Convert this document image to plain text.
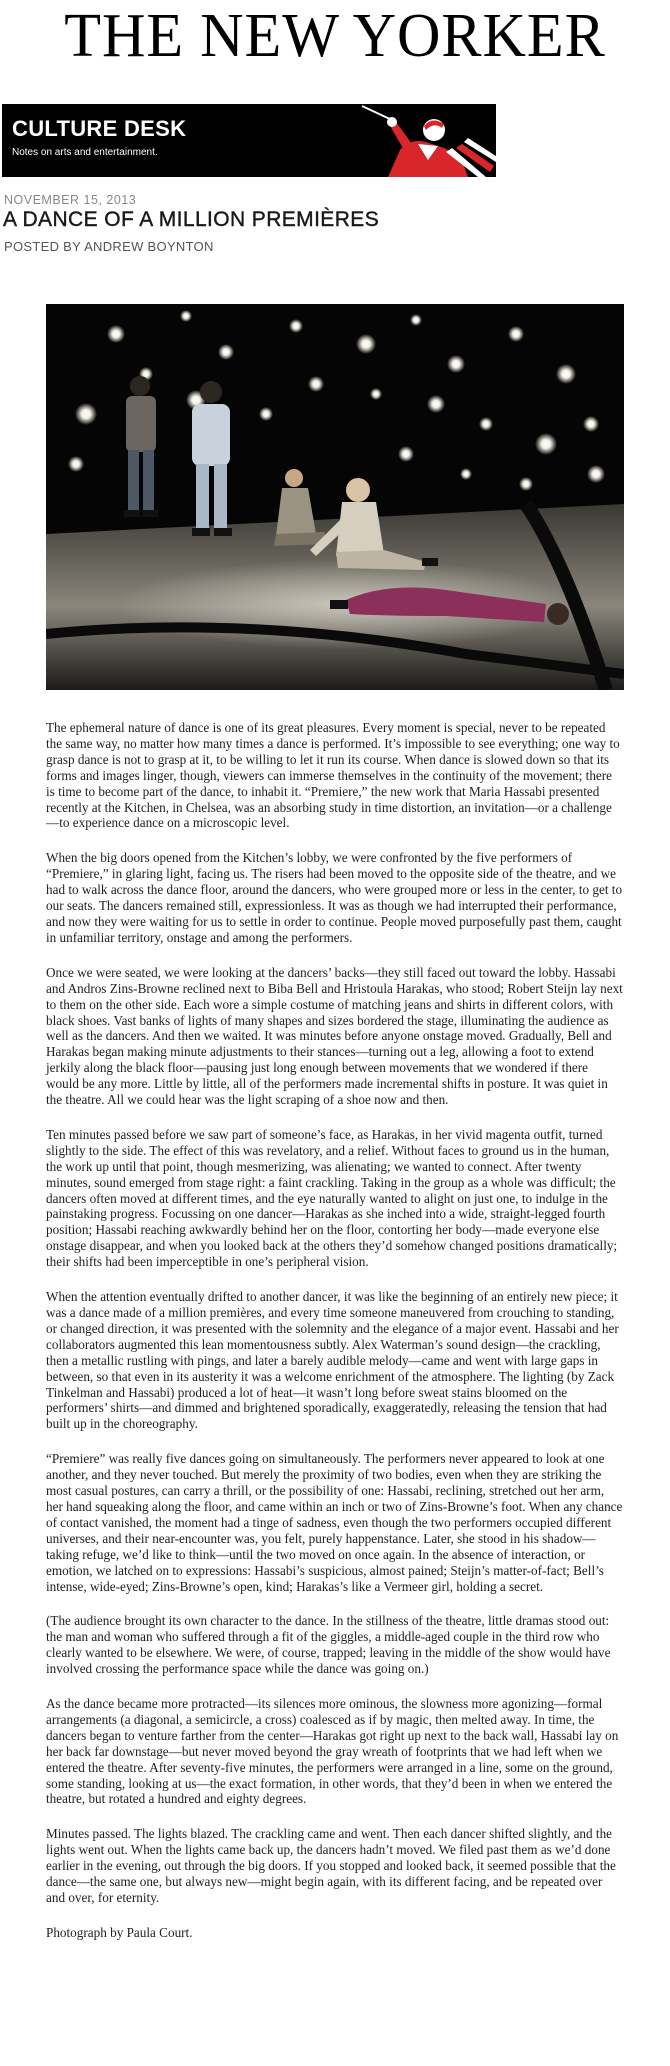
THE NEW YORKER
CULTURE DESK
Notes on arts and entertainment.
NOVEMBER 15, 2013
A DANCE OF A MILLION PREMIÈRES
POSTED BY ANDREW BOYNTON

The ephemeral nature of dance is one of its great pleasures. Every moment is special, never to be repeated the same way, no matter how many times a dance is performed. It’s impossible to see everything; one way to grasp dance is not to grasp at it, to be willing to let it run its course. When dance is slowed down so that its forms and images linger, though, viewers can immerse themselves in the continuity of the movement; there is time to become part of the dance, to inhabit it. “Premiere,” the new work that Maria Hassabi presented recently at the Kitchen, in Chelsea, was an absorbing study in time distortion, an invitation—or a challenge—to experience dance on a microscopic level.

When the big doors opened from the Kitchen’s lobby, we were confronted by the five performers of “Premiere,” in glaring light, facing us. The risers had been moved to the opposite side of the theatre, and we had to walk across the dance floor, around the dancers, who were grouped more or less in the center, to get to our seats. The dancers remained still, expressionless. It was as though we had interrupted their performance, and now they were waiting for us to settle in order to continue. People moved purposefully past them, caught in unfamiliar territory, onstage and among the performers.

Once we were seated, we were looking at the dancers’ backs—they still faced out toward the lobby. Hassabi and Andros Zins-Browne reclined next to Biba Bell and Hristoula Harakas, who stood; Robert Steijn lay next to them on the other side. Each wore a simple costume of matching jeans and shirts in different colors, with black shoes. Vast banks of lights of many shapes and sizes bordered the stage, illuminating the audience as well as the dancers. And then we waited. It was minutes before anyone onstage moved. Gradually, Bell and Harakas began making minute adjustments to their stances—turning out a leg, allowing a foot to extend jerkily along the black floor—pausing just long enough between movements that we wondered if there would be any more. Little by little, all of the performers made incremental shifts in posture. It was quiet in the theatre. All we could hear was the light scraping of a shoe now and then.

Ten minutes passed before we saw part of someone’s face, as Harakas, in her vivid magenta outfit, turned slightly to the side. The effect of this was revelatory, and a relief. Without faces to ground us in the human, the work up until that point, though mesmerizing, was alienating; we wanted to connect. After twenty minutes, sound emerged from stage right: a faint crackling. Taking in the group as a whole was difficult; the dancers often moved at different times, and the eye naturally wanted to alight on just one, to indulge in the painstaking progress. Focussing on one dancer—Harakas as she inched into a wide, straight-legged fourth position; Hassabi reaching awkwardly behind her on the floor, contorting her body—made everyone else onstage disappear, and when you looked back at the others they’d somehow changed positions dramatically; their shifts had been imperceptible in one’s peripheral vision.

When the attention eventually drifted to another dancer, it was like the beginning of an entirely new piece; it was a dance made of a million premières, and every time someone maneuvered from crouching to standing, or changed direction, it was presented with the solemnity and the elegance of a major event. Hassabi and her collaborators augmented this lean momentousness subtly. Alex Waterman’s sound design—the crackling, then a metallic rustling with pings, and later a barely audible melody—came and went with large gaps in between, so that even in its austerity it was a welcome enrichment of the atmosphere. The lighting (by Zack Tinkelman and Hassabi) produced a lot of heat—it wasn’t long before sweat stains bloomed on the performers’ shirts—and dimmed and brightened sporadically, exaggeratedly, releasing the tension that had built up in the choreography.

“Premiere” was really five dances going on simultaneously. The performers never appeared to look at one another, and they never touched. But merely the proximity of two bodies, even when they are striking the most casual postures, can carry a thrill, or the possibility of one: Hassabi, reclining, stretched out her arm, her hand squeaking along the floor, and came within an inch or two of Zins-Browne’s foot. When any chance of contact vanished, the moment had a tinge of sadness, even though the two performers occupied different universes, and their near-encounter was, you felt, purely happenstance. Later, she stood in his shadow—taking refuge, we’d like to think—until the two moved on once again. In the absence of interaction, or emotion, we latched on to expressions: Hassabi’s suspicious, almost pained; Steijn’s matter-of-fact; Bell’s intense, wide-eyed; Zins-Browne’s open, kind; Harakas’s like a Vermeer girl, holding a secret.

(The audience brought its own character to the dance. In the stillness of the theatre, little dramas stood out: the man and woman who suffered through a fit of the giggles, a middle-aged couple in the third row who clearly wanted to be elsewhere. We were, of course, trapped; leaving in the middle of the show would have involved crossing the performance space while the dance was going on.)

As the dance became more protracted—its silences more ominous, the slowness more agonizing—formal arrangements (a diagonal, a semicircle, a cross) coalesced as if by magic, then melted away. In time, the dancers began to venture farther from the center—Harakas got right up next to the back wall, Hassabi lay on her back far downstage—but never moved beyond the gray wreath of footprints that we had left when we entered the theatre. After seventy-five minutes, the performers were arranged in a line, some on the ground, some standing, looking at us—the exact formation, in other words, that they’d been in when we entered the theatre, but rotated a hundred and eighty degrees.

Minutes passed. The lights blazed. The crackling came and went. Then each dancer shifted slightly, and the lights went out. When the lights came back up, the dancers hadn’t moved. We filed past them as we’d done earlier in the evening, out through the big doors. If you stopped and looked back, it seemed possible that the dance—the same one, but always new—might begin again, with its different facing, and be repeated over and over, for eternity.

Photograph by Paula Court.
